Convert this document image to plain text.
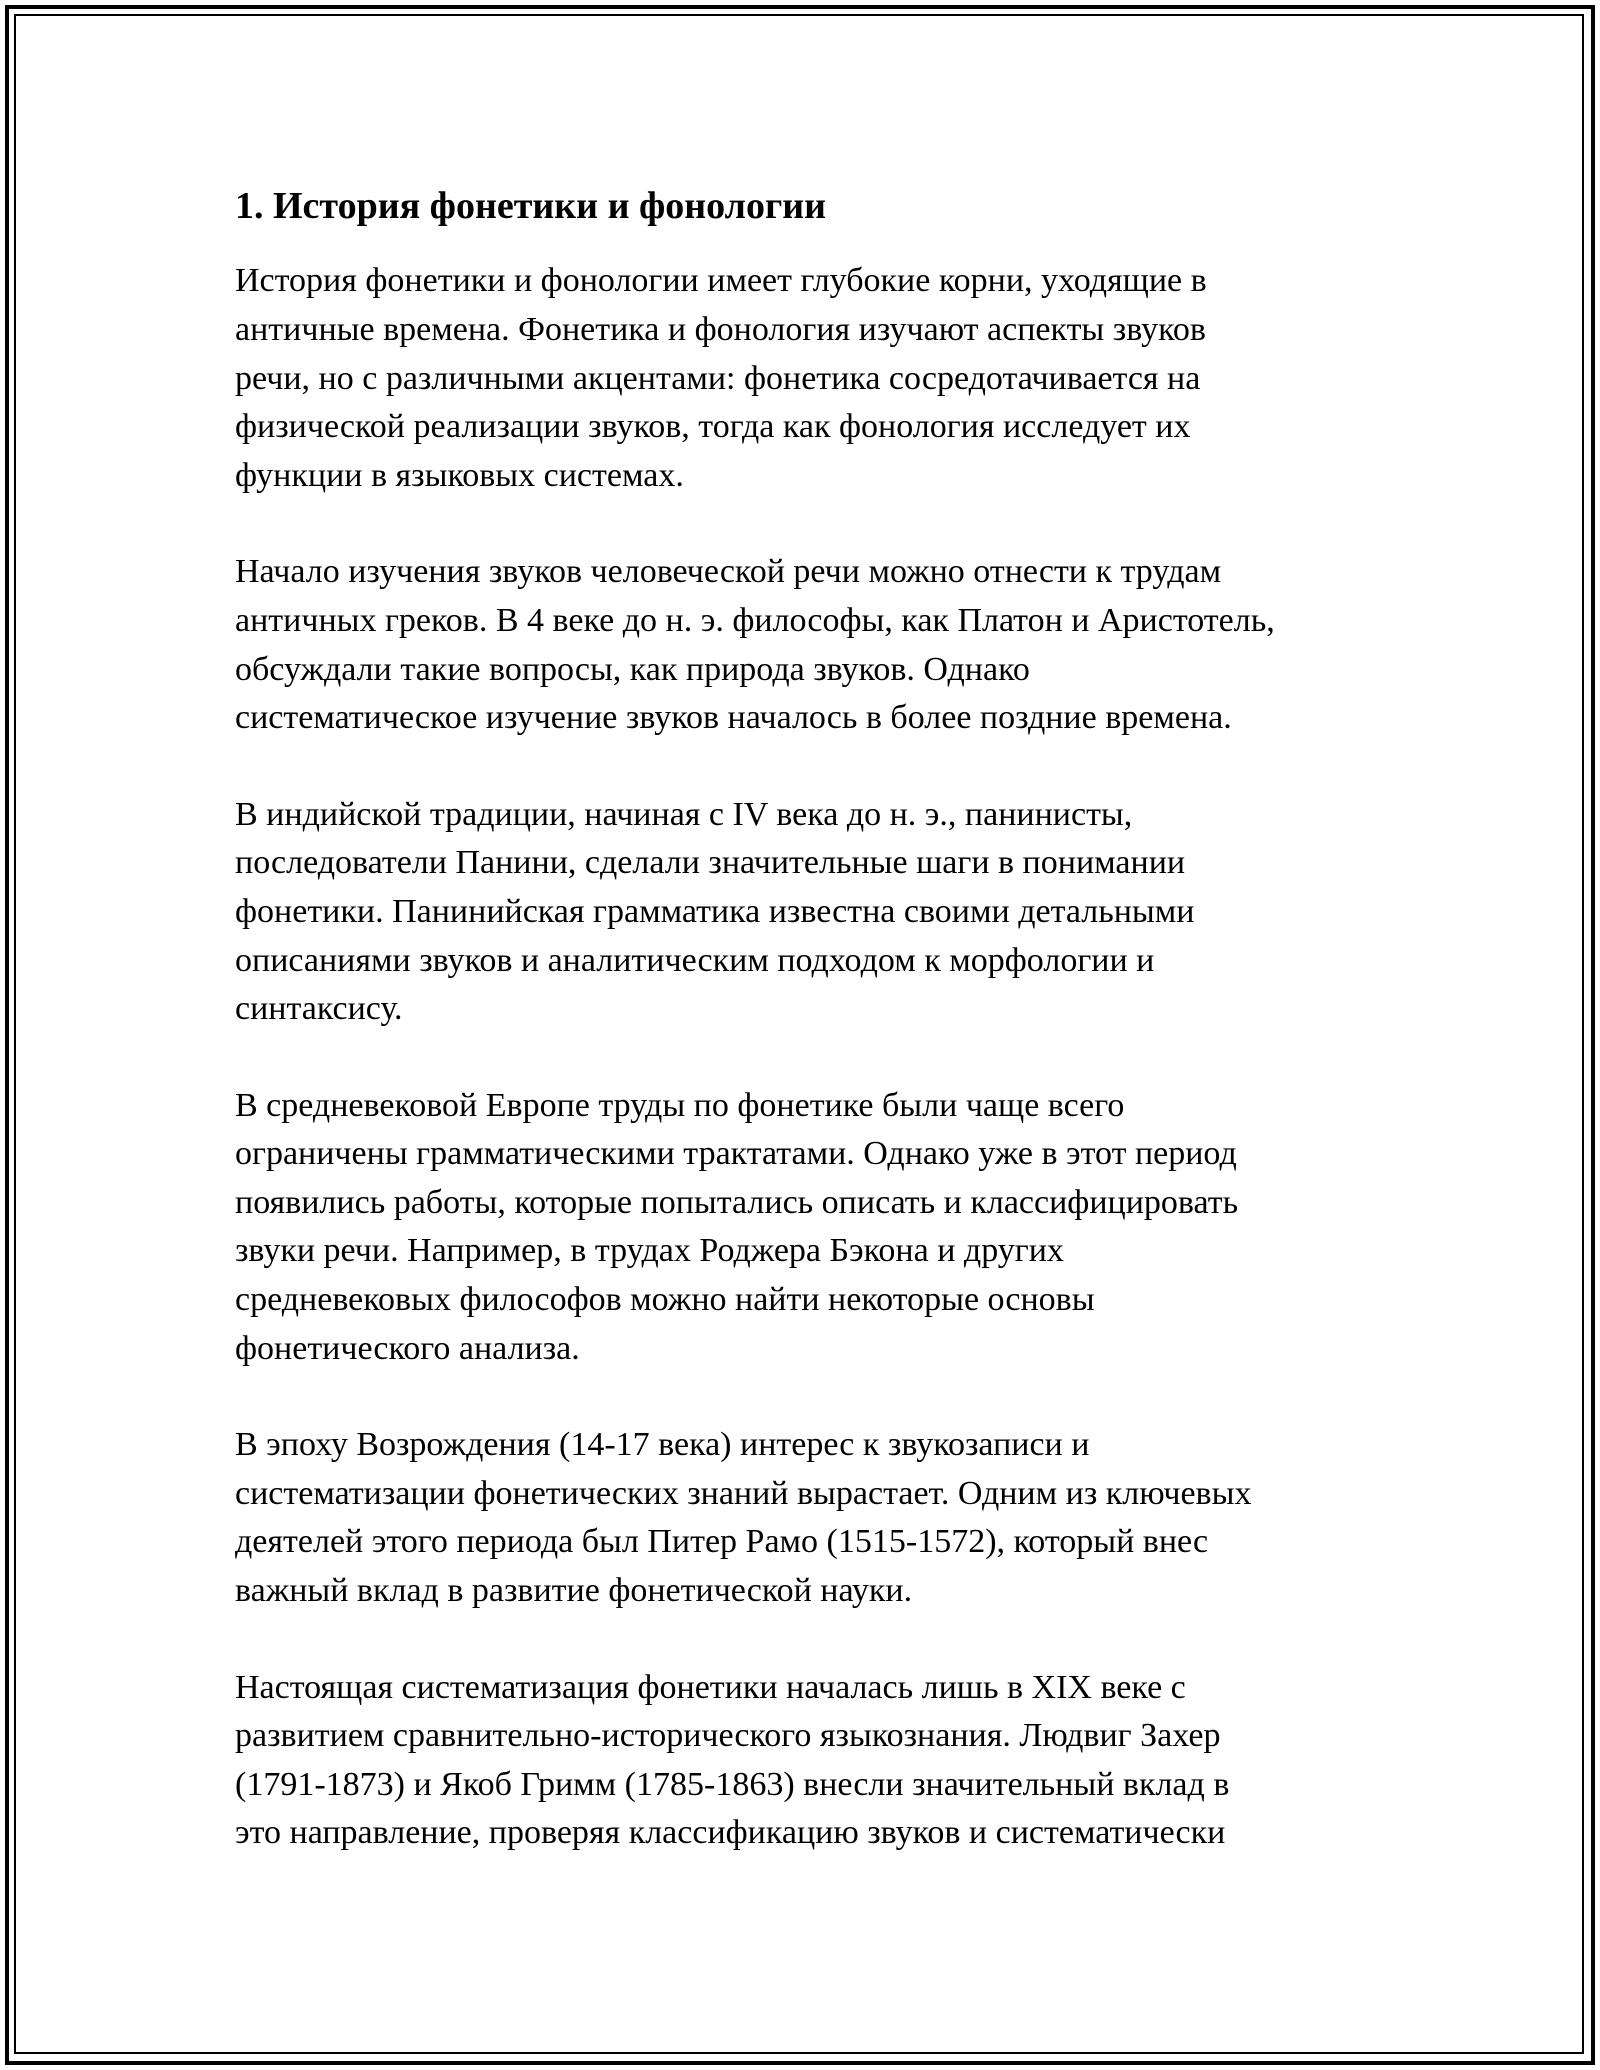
1. История фонетики и фонологии

История фонетики и фонологии имеет глубокие корни, уходящие в
античные времена. Фонетика и фонология изучают аспекты звуков
речи, но с различными акцентами: фонетика сосредотачивается на
физической реализации звуков, тогда как фонология исследует их
функции в языковых системах.

Начало изучения звуков человеческой речи можно отнести к трудам
античных греков. В 4 веке до н. э. философы, как Платон и Аристотель,
обсуждали такие вопросы, как природа звуков. Однако
систематическое изучение звуков началось в более поздние времена.

В индийской традиции, начиная с IV века до н. э., панинисты,
последователи Панини, сделали значительные шаги в понимании
фонетики. Панинийская грамматика известна своими детальными
описаниями звуков и аналитическим подходом к морфологии и
синтаксису.

В средневековой Европе труды по фонетике были чаще всего
ограничены грамматическими трактатами. Однако уже в этот период
появились работы, которые попытались описать и классифицировать
звуки речи. Например, в трудах Роджера Бэкона и других
средневековых философов можно найти некоторые основы
фонетического анализа.

В эпоху Возрождения (14-17 века) интерес к звукозаписи и
систематизации фонетических знаний вырастает. Одним из ключевых
деятелей этого периода был Питер Рамо (1515-1572), который внес
важный вклад в развитие фонетической науки.

Настоящая систематизация фонетики началась лишь в XIX веке с
развитием сравнительно-исторического языкознания. Людвиг Захер
(1791-1873) и Якоб Гримм (1785-1863) внесли значительный вклад в
это направление, проверяя классификацию звуков и систематически
